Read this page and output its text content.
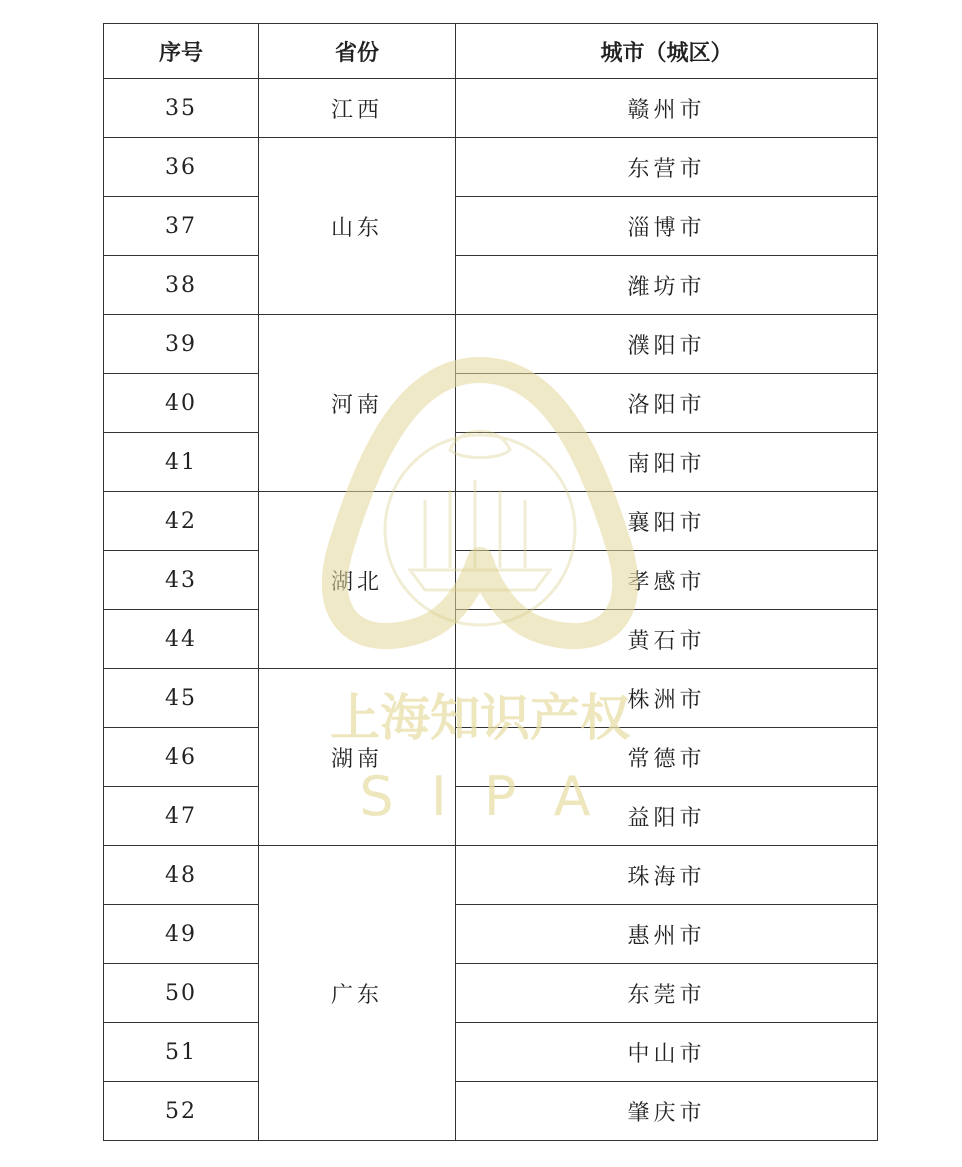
序号	省份	城市（城区）
35	江西	赣州市
36	山东	东营市
37		淄博市
38		潍坊市
39	河南	濮阳市
40		洛阳市
41		南阳市
42	湖北	襄阳市
43		孝感市
44		黄石市
45	湖南	株洲市
46		常德市
47		益阳市
48	广东	珠海市
49		惠州市
50		东莞市
51		中山市
52		肇庆市
上海知识产权
S I P A
